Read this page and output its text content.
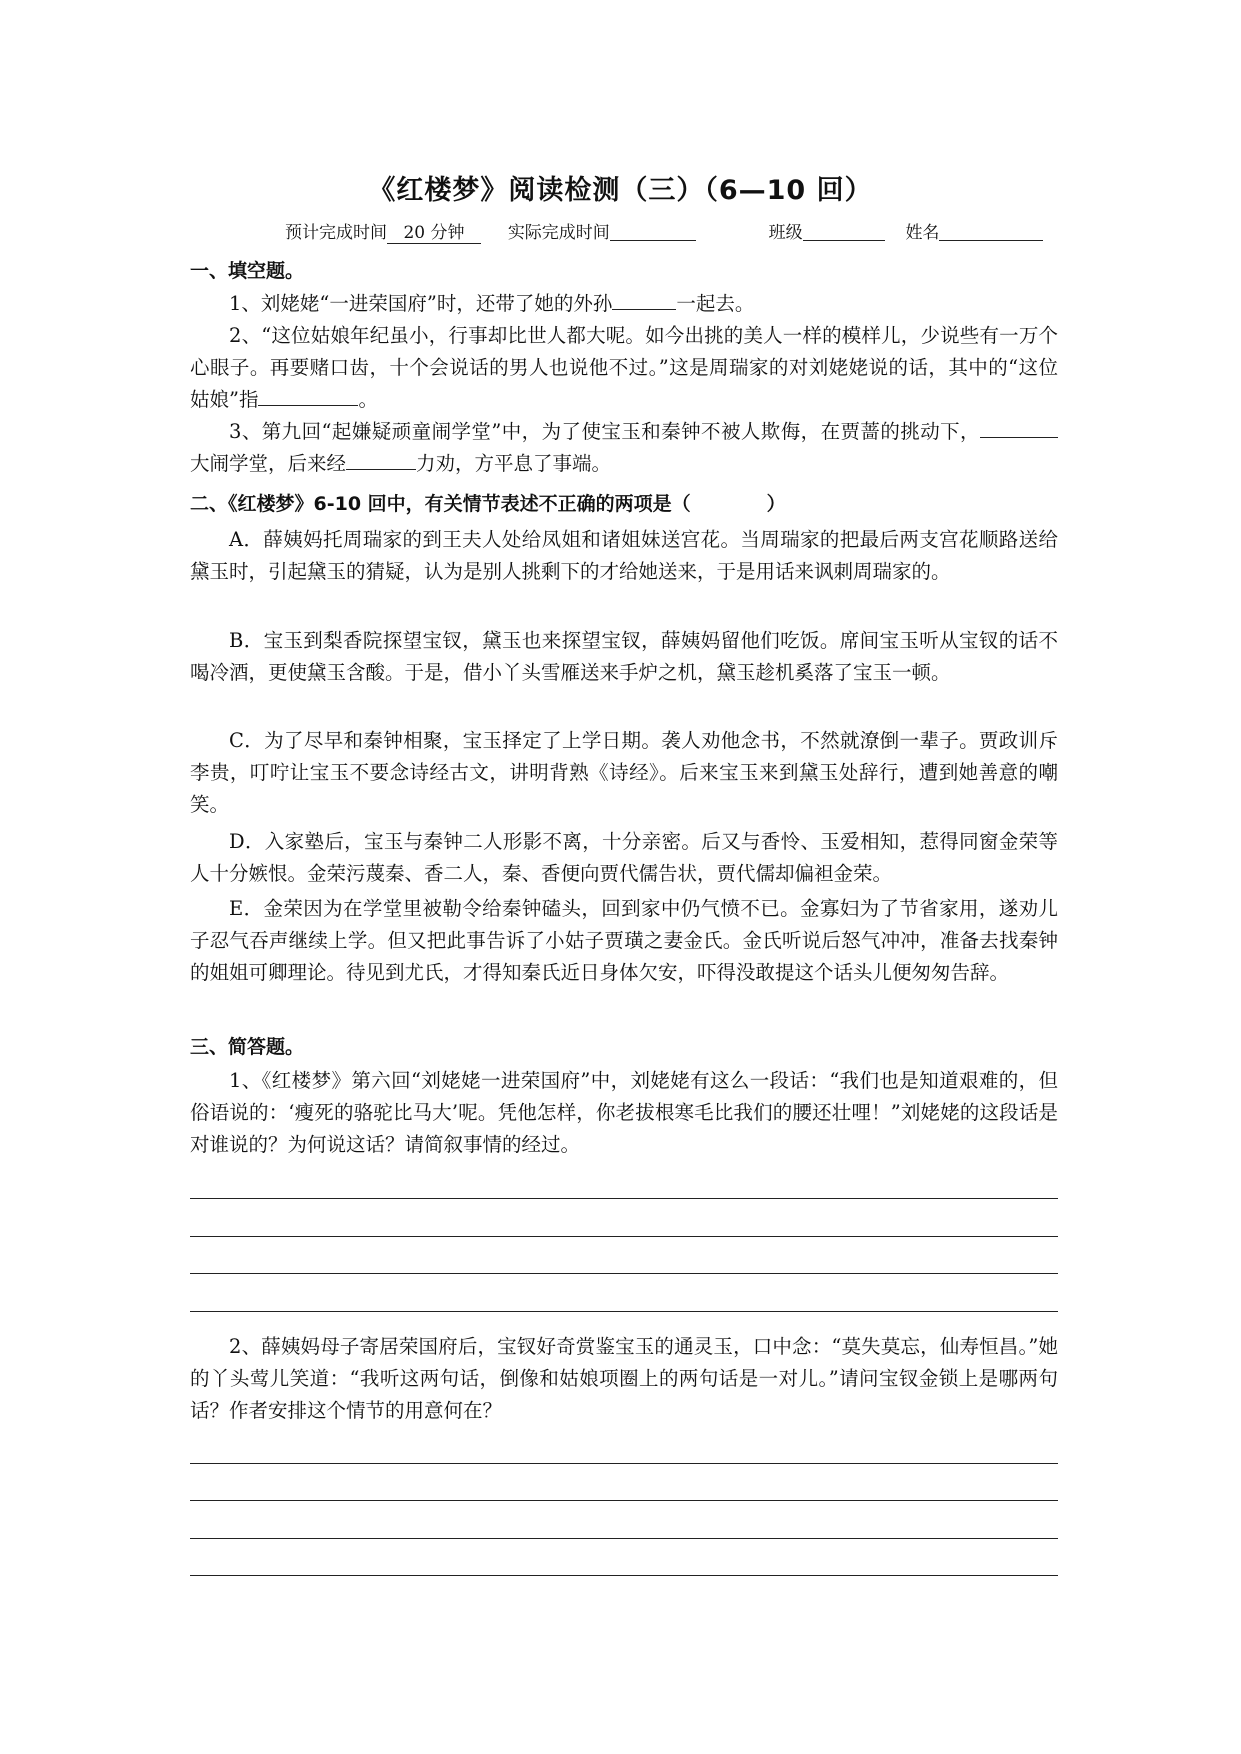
《红楼梦》阅读检测（三）（6—10 回）
预计完成时间 20 分钟	实际完成时间	班级	姓名
一、填空题。
1、刘姥姥“一进荣国府”时，还带了她的外孙	一起去。
2、“这位姑娘年纪虽小，行事却比世人都大呢。如今出挑的美人一样的模样儿，少说些有一万个心眼子。再要赌口齿，十个会说话的男人也说他不过。”这是周瑞家的对刘姥姥说的话，其中的“这位姑娘”指	。
3、第九回“起嫌疑顽童闹学堂”中，为了使宝玉和秦钟不被人欺侮，在贾蔷的挑动下，大闹学堂，后来经	力劝，方平息了事端。
二、《红楼梦》6-10 回中，有关情节表述不正确的两项是（　　　　）
A．薛姨妈托周瑞家的到王夫人处给凤姐和诸姐妹送宫花。当周瑞家的把最后两支宫花顺路送给黛玉时，引起黛玉的猜疑，认为是别人挑剩下的才给她送来，于是用话来讽刺周瑞家的。
B．宝玉到梨香院探望宝钗，黛玉也来探望宝钗，薛姨妈留他们吃饭。席间宝玉听从宝钗的话不喝冷酒，更使黛玉含酸。于是，借小丫头雪雁送来手炉之机，黛玉趁机奚落了宝玉一顿。
C．为了尽早和秦钟相聚，宝玉择定了上学日期。袭人劝他念书，不然就潦倒一辈子。贾政训斥李贵，叮咛让宝玉不要念诗经古文，讲明背熟《诗经》。后来宝玉来到黛玉处辞行，遭到她善意的嘲笑。
D．入家塾后，宝玉与秦钟二人形影不离，十分亲密。后又与香怜、玉爱相知，惹得同窗金荣等人十分嫉恨。金荣污蔑秦、香二人，秦、香便向贾代儒告状，贾代儒却偏袒金荣。
E．金荣因为在学堂里被勒令给秦钟磕头，回到家中仍气愤不已。金寡妇为了节省家用，遂劝儿子忍气吞声继续上学。但又把此事告诉了小姑子贾璜之妻金氏。金氏听说后怒气冲冲，准备去找秦钟的姐姐可卿理论。待见到尤氏，才得知秦氏近日身体欠安，吓得没敢提这个话头儿便匆匆告辞。
三、简答题。
1、《红楼梦》第六回“刘姥姥一进荣国府”中，刘姥姥有这么一段话：“我们也是知道艰难的，但俗语说的：‘瘦死的骆驼比马大’呢。凭他怎样，你老拔根寒毛比我们的腰还壮哩！”刘姥姥的这段话是对谁说的？为何说这话？请简叙事情的经过。
2、薛姨妈母子寄居荣国府后，宝钗好奇赏鉴宝玉的通灵玉，口中念：“莫失莫忘，仙寿恒昌。”她的丫头莺儿笑道：“我听这两句话，倒像和姑娘项圈上的两句话是一对儿。”请问宝钗金锁上是哪两句话？作者安排这个情节的用意何在？
